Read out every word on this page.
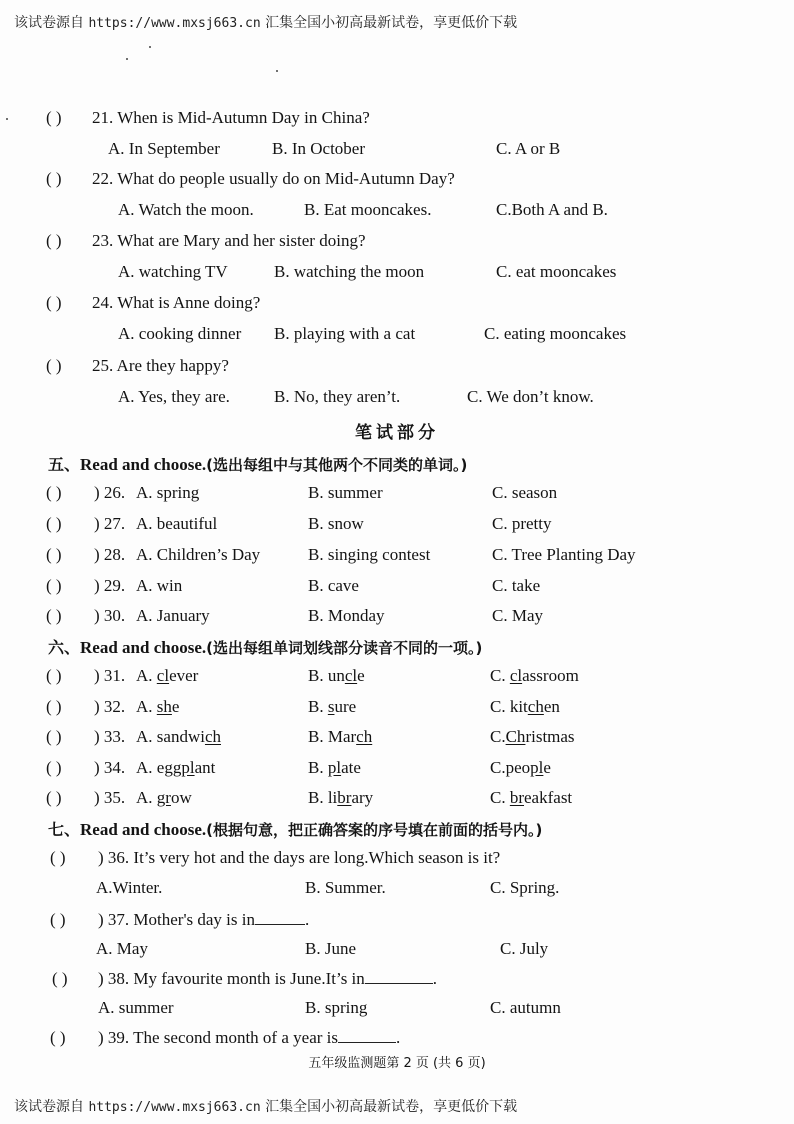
该试卷源自 https://www.mxsj663.cn 汇集全国小初高最新试卷，享更低价下载
( ) 21. When is Mid-Autumn Day in China?
A. In September	B. In October	C. A or B
( ) 22. What do people usually do on Mid-Autumn Day?
A. Watch the moon.	B. Eat mooncakes.	C.Both A and B.
( ) 23. What are Mary and her sister doing?
A. watching TV	B. watching the moon	C. eat mooncakes
( ) 24. What is Anne doing?
A. cooking dinner B. playing with a cat	C. eating mooncakes
( ) 25. Are they happy?
A. Yes, they are.	B. No, they aren’t.	C. We don’t know.
笔试部分
五、Read and choose.(选出每组中与其他两个不同类的单词。)
( ) ) 26. A. spring	B. summer	C. season
( ) ) 27. A. beautiful	B. snow	C. pretty
( ) ) 28. A. Children’s Day	B. singing contest	C. Tree Planting Day
( ) ) 29. A. win	B. cave	C. take
( ) ) 30. A. January	B. Monday	C. May
六、Read and choose.(选出每组单词划线部分读音不同的一项。)
( ) ) 31. A. clever	B. uncle	C. classroom
( ) ) 32. A. she	B. sure	C. kitchen
( ) ) 33. A. sandwich	B. March	C.Christmas
( ) ) 34. A. eggplant	B. plate	C.people
( ) ) 35. A. grow	B. library	C. breakfast
七、Read and choose.(根据句意，把正确答案的序号填在前面的括号内。)
( ) ) 36. It’s very hot and the days are long.Which season is it?
A.Winter.	B. Summer.	C. Spring.
( ) ) 37. Mother's day is in	.
A. May	B. June	C. July
( ) ) 38. My favourite month is June.It’s in	.
A. summer	B. spring	C. autumn
( ) ) 39. The second month of a year is	.
五年级监测题第 2 页 (共 6 页)
该试卷源自 https://www.mxsj663.cn 汇集全国小初高最新试卷，享更低价下载
